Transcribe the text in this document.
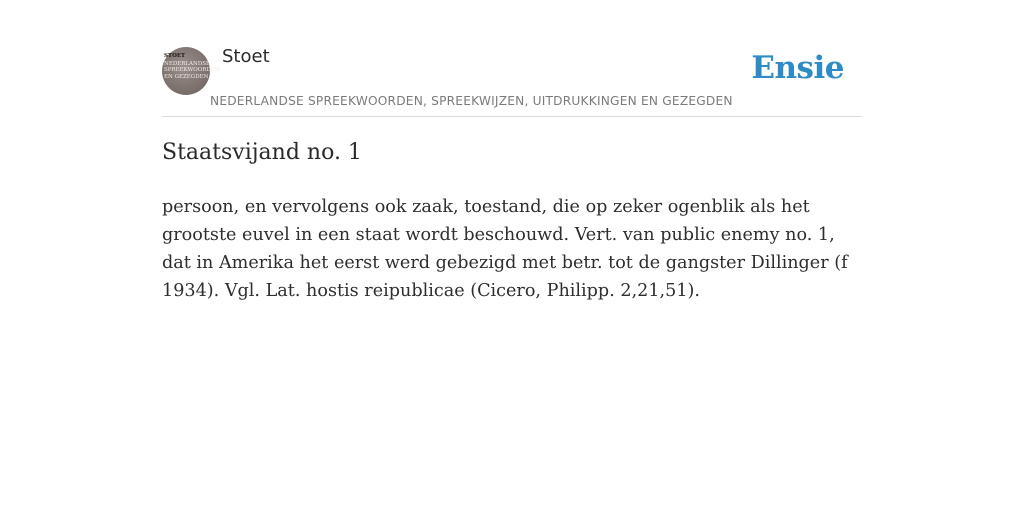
STOET
NEDERLANDSE SPREEKWOORDEN EN GEZEGDEN
Stoet
NEDERLANDSE SPREEKWOORDEN, SPREEKWIJZEN, UITDRUKKINGEN EN GEZEGDEN
Ensie
Staatsvijand no. 1

persoon, en vervolgens ook zaak, toestand, die op zeker ogenblik als het grootste euvel in een staat wordt beschouwd. Vert. van public enemy no. 1, dat in Amerika het eerst werd gebezigd met betr. tot de gangster Dillinger (f 1934). Vgl. Lat. hostis reipublicae (Cicero, Philipp. 2,21,51).
